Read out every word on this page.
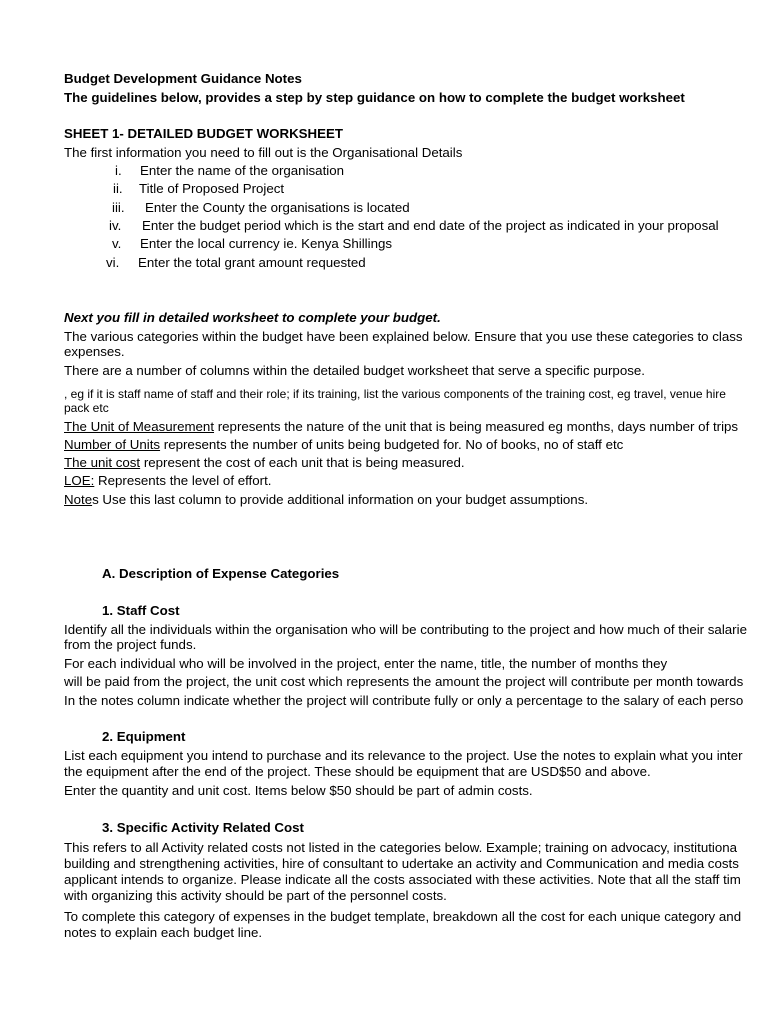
Budget Development Guidance Notes
The guidelines below, provides a step by step guidance on how to complete the budget worksheet
SHEET 1- DETAILED BUDGET WORKSHEET
The first information you need to fill out is the Organisational Details
i. Enter the name of the organisation
ii. Title of Proposed Project
iii. Enter the County the organisations is located
iv. Enter the budget period which is the start and end date of the project as indicated in your proposal
v. Enter the local currency ie. Kenya Shillings
vi. Enter the total grant amount requested
Next you fill in detailed worksheet to complete your budget.
The various categories within the budget have been explained below. Ensure that you use these categories to class
expenses.
There are a number of columns within the detailed budget worksheet that serve a specific purpose.
, eg if it is staff name of staff and their role; if its training, list the various components of the training cost, eg travel, venue hire
pack etc
The Unit of Measurement represents the nature of the unit that is being measured eg months, days number of trips
Number of Units represents the number of units being budgeted for. No of books, no of staff etc
The unit cost represent the cost of each unit that is being measured.
LOE: Represents the level of effort.
Notes Use this last column to provide additional information on your budget assumptions.
A. Description of Expense Categories
1. Staff Cost
Identify all the individuals within the organisation who will be contributing to the project and how much of their salarie
from the project funds.
For each individual who will be involved in the project, enter the name, title, the number of months they
will be paid from the project, the unit cost which represents the amount the project will contribute per month towards
In the notes column indicate whether the project will contribute fully or only a percentage to the salary of each perso
2. Equipment
List each equipment you intend to purchase and its relevance to the project. Use the notes to explain what you inter
the equipment after the end of the project. These should be equipment that are USD$50 and above.
Enter the quantity and unit cost. Items below $50 should be part of admin costs.
3. Specific Activity Related Cost
This refers to all Activity related costs not listed in the categories below. Example; training on advocacy, institutiona
building and strengthening activities, hire of consultant to udertake an activity and Communication and media costs
applicant intends to organize. Please indicate all the costs associated with these activities. Note that all the staff tim
with organizing this activity should be part of the personnel costs.
To complete this category of expenses in the budget template, breakdown all the cost for each unique category and
notes to explain each budget line.
